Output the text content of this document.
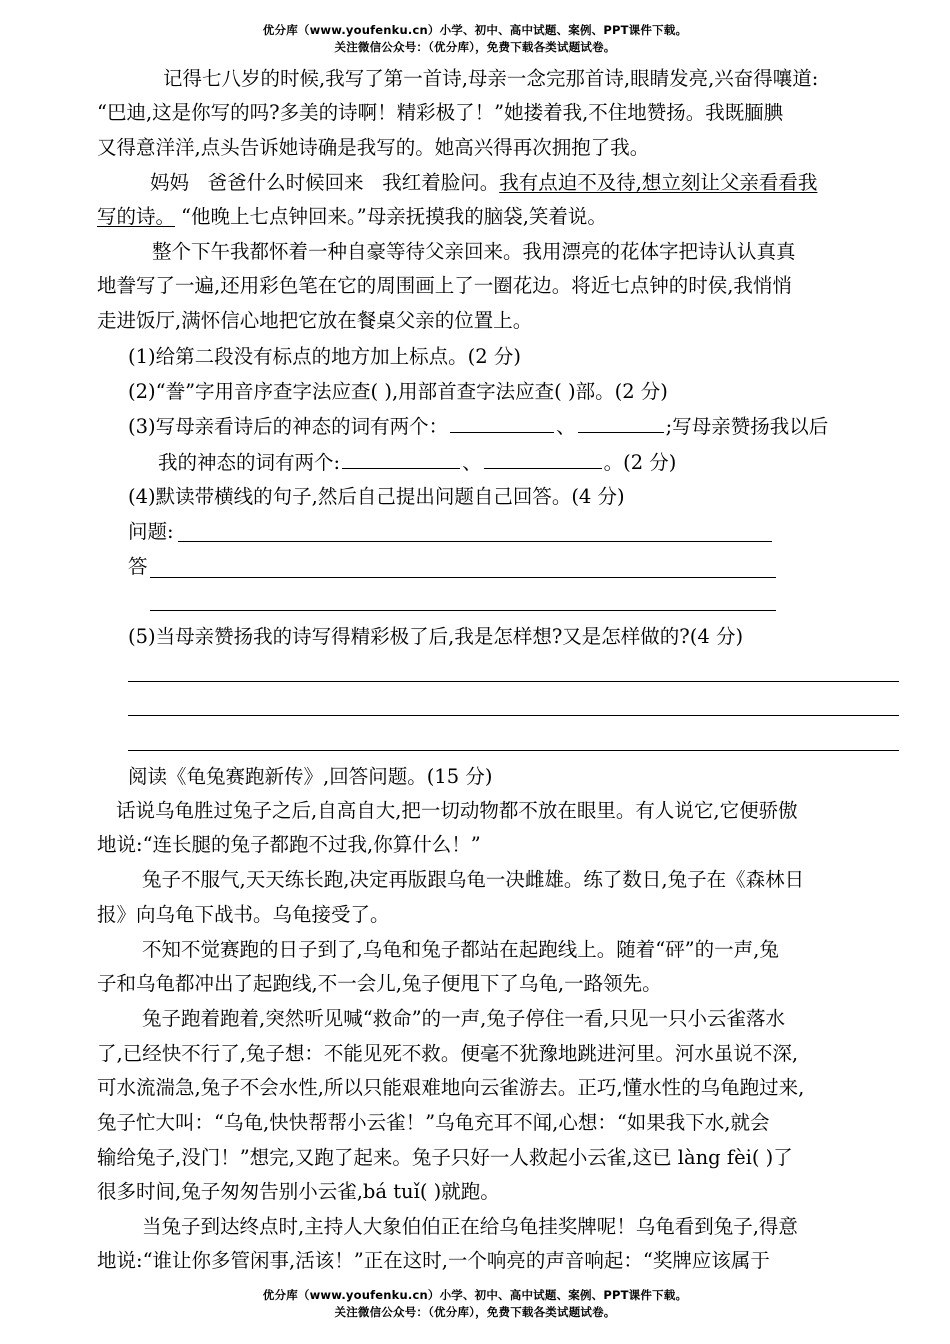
优分库（www.youfenku.cn）小学、初中、高中试题、案例、PPT课件下载。
关注微信公众号：（优分库），免费下载各类试题试卷。
记得七八岁的时候,我写了第一首诗,母亲一念完那首诗,眼睛发亮,兴奋得嚷道:
“巴迪,这是你写的吗?多美的诗啊！精彩极了！”她搂着我,不住地赞扬。我既腼腆
又得意洋洋,点头告诉她诗确是我写的。她高兴得再次拥抱了我。
妈妈   爸爸什么时候回来   我红着脸问。我有点迫不及待,想立刻让父亲看看我
写的诗。 “他晚上七点钟回来。”母亲抚摸我的脑袋,笑着说。
整个下午我都怀着一种自豪等待父亲回来。我用漂亮的花体字把诗认认真真
地誊写了一遍,还用彩色笔在它的周围画上了一圈花边。将近七点钟的时侯,我悄悄
走进饭厅,满怀信心地把它放在餐桌父亲的位置上。
(1)给第二段没有标点的地方加上标点。(2 分)
(2)“誊”字用音序查字法应查( ),用部首查字法应查( )部。(2 分)
(3)写母亲看诗后的神态的词有两个：	、	;写母亲赞扬我以后
我的神态的词有两个:	、	。(2 分)
(4)默读带横线的句子,然后自己提出问题自己回答。(4 分)
问题:
答
(5)当母亲赞扬我的诗写得精彩极了后,我是怎样想?又是怎样做的?(4 分)
阅读《龟兔赛跑新传》,回答问题。(15 分)
话说乌龟胜过兔子之后,自高自大,把一切动物都不放在眼里。有人说它,它便骄傲
地说:“连长腿的兔子都跑不过我,你算什么！”
兔子不服气,天天练长跑,决定再版跟乌龟一决雌雄。练了数日,兔子在《森林日
报》向乌龟下战书。乌龟接受了。
不知不觉赛跑的日子到了,乌龟和兔子都站在起跑线上。随着“砰”的一声,兔
子和乌龟都冲出了起跑线,不一会儿,兔子便甩下了乌龟,一路领先。
兔子跑着跑着,突然听见喊“救命”的一声,兔子停住一看,只见一只小云雀落水
了,已经快不行了,兔子想：不能见死不救。便毫不犹豫地跳进河里。河水虽说不深,
可水流湍急,兔子不会水性,所以只能艰难地向云雀游去。正巧,懂水性的乌龟跑过来,
兔子忙大叫：“乌龟,快快帮帮小云雀！”乌龟充耳不闻,心想：“如果我下水,就会
输给兔子,没门！”想完,又跑了起来。兔子只好一人救起小云雀,这已 làng fèi( )了
很多时间,兔子匆匆告别小云雀,bá tuǐ( )就跑。
当兔子到达终点时,主持人大象伯伯正在给乌龟挂奖牌呢！乌龟看到兔子,得意
地说:“谁让你多管闲事,活该！”正在这时,一个响亮的声音响起：“奖牌应该属于
优分库（www.youfenku.cn）小学、初中、高中试题、案例、PPT课件下载。
关注微信公众号：（优分库），免费下载各类试题试卷。
